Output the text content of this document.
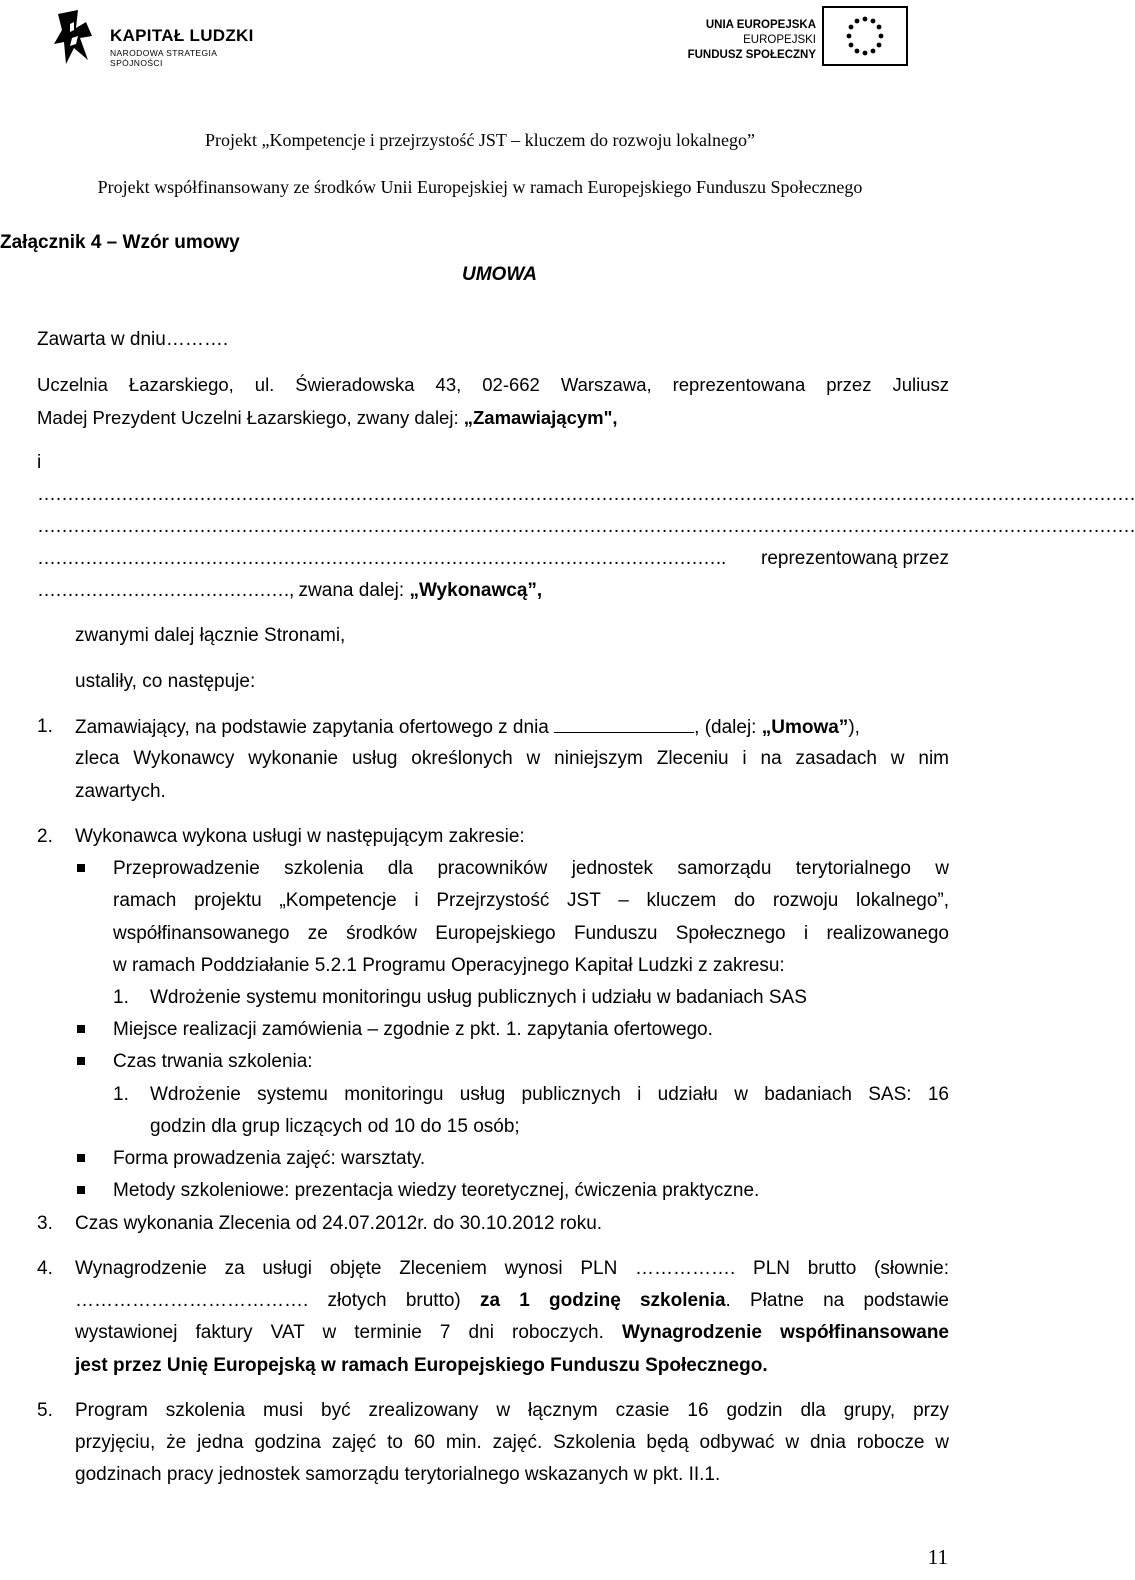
KAPITAŁ LUDZKI
NARODOWA STRATEGIA SPÓJNOŚCI
UNIA EUROPEJSKA
EUROPEJSKI
FUNDUSZ SPOŁECZNY
Projekt „Kompetencje i przejrzystość JST – kluczem do rozwoju lokalnego”
Projekt współfinansowany ze środków Unii Europejskiej w ramach Europejskiego Funduszu Społecznego
Załącznik 4 – Wzór umowy
UMOWA
Zawarta w dniu……….
Uczelnia Łazarskiego, ul. Świeradowska 43, 02-662 Warszawa, reprezentowana przez Juliusz
Madej Prezydent Uczelni Łazarskiego, zwany dalej: „Zamawiającym",
i
…………………………………………………………………………………………………………………………………………………………………
…………………………………………………………………………………………………………………………………………………………………
……………………………………………………………………………………………………. reprezentowaną przez
……………………………………, zwana dalej: „Wykonawcą”,
zwanymi dalej łącznie Stronami,
ustaliły, co następuje:
1. Zamawiający, na podstawie zapytania ofertowego z dnia	, (dalej: „Umowa”),
zleca Wykonawcy wykonanie usług określonych w niniejszym Zleceniu i na zasadach w nim
zawartych.
2. Wykonawca wykona usługi w następującym zakresie:
Przeprowadzenie szkolenia dla pracowników jednostek samorządu terytorialnego w
ramach projektu „Kompetencje i Przejrzystość JST – kluczem do rozwoju lokalnego”,
współfinansowanego ze środków Europejskiego Funduszu Społecznego i realizowanego
w ramach Poddziałanie 5.2.1 Programu Operacyjnego Kapitał Ludzki z zakresu:
1. Wdrożenie systemu monitoringu usług publicznych i udziału w badaniach SAS
Miejsce realizacji zamówienia – zgodnie z pkt. 1. zapytania ofertowego.
Czas trwania szkolenia:
1. Wdrożenie systemu monitoringu usług publicznych i udziału w badaniach SAS: 16
godzin dla grup liczących od 10 do 15 osób;
Forma prowadzenia zajęć: warsztaty.
Metody szkoleniowe: prezentacja wiedzy teoretycznej, ćwiczenia praktyczne.
3. Czas wykonania Zlecenia od 24.07.2012r. do 30.10.2012 roku.
4. Wynagrodzenie za usługi objęte Zleceniem wynosi PLN ……………. PLN brutto (słownie:
………………………………. złotych brutto) za 1 godzinę szkolenia. Płatne na podstawie
wystawionej faktury VAT w terminie 7 dni roboczych. Wynagrodzenie współfinansowane
jest przez Unię Europejską w ramach Europejskiego Funduszu Społecznego.
5. Program szkolenia musi być zrealizowany w łącznym czasie 16 godzin dla grupy, przy
przyjęciu, że jedna godzina zajęć to 60 min. zajęć. Szkolenia będą odbywać w dnia robocze w
godzinach pracy jednostek samorządu terytorialnego wskazanych w pkt. II.1.
11
